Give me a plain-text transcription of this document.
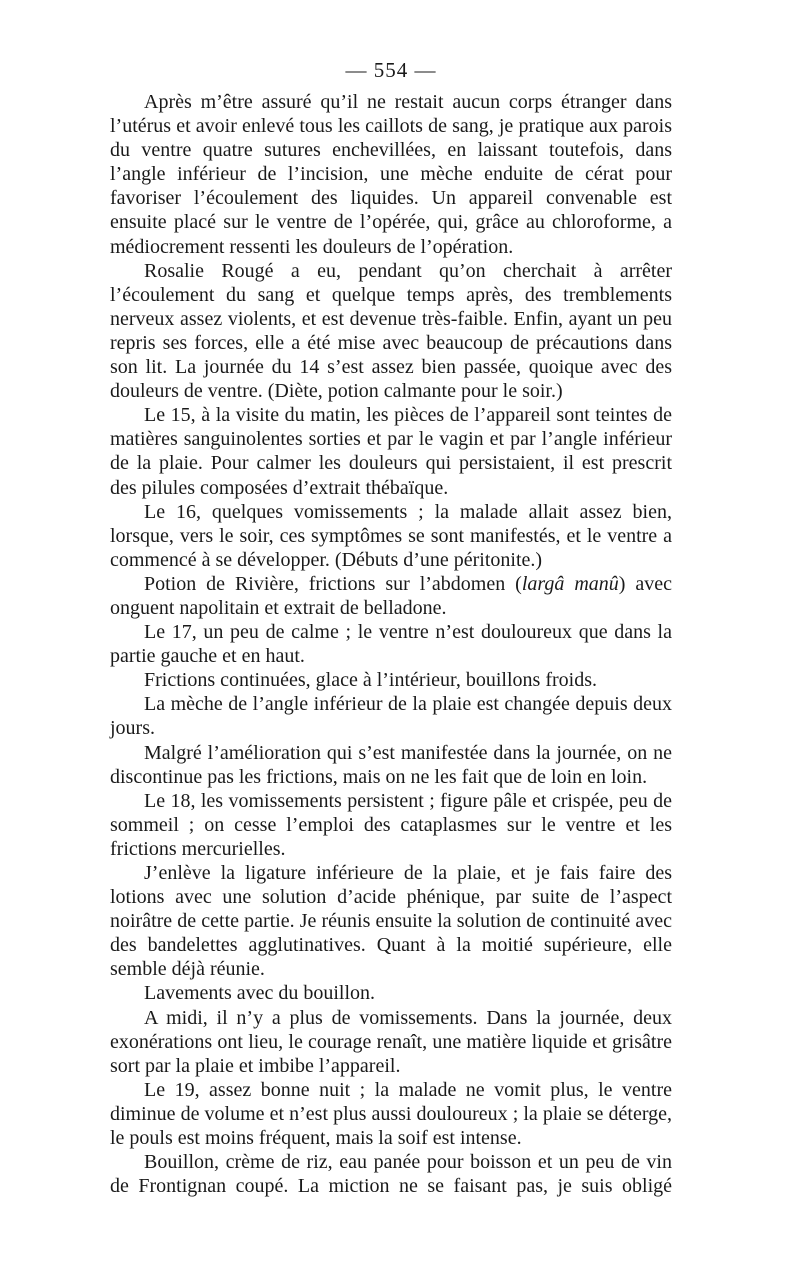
— 554 —

Après m’être assuré qu’il ne restait aucun corps étranger dans l’utérus et avoir enlevé tous les caillots de sang, je pratique aux parois du ventre quatre sutures enchevillées, en laissant toutefois, dans l’angle inférieur de l’incision, une mèche enduite de cérat pour favoriser l’écoulement des liquides. Un appareil convenable est ensuite placé sur le ventre de l’opérée, qui, grâce au chloroforme, a médiocrement ressenti les douleurs de l’opération.

Rosalie Rougé a eu, pendant qu’on cherchait à arrêter l’écoulement du sang et quelque temps après, des tremblements nerveux assez violents, et est devenue très-faible. Enfin, ayant un peu repris ses forces, elle a été mise avec beaucoup de précautions dans son lit. La journée du 14 s’est assez bien passée, quoique avec des douleurs de ventre. (Diète, potion calmante pour le soir.)

Le 15, à la visite du matin, les pièces de l’appareil sont teintes de matières sanguinolentes sorties et par le vagin et par l’angle inférieur de la plaie. Pour calmer les douleurs qui persistaient, il est prescrit des pilules composées d’extrait thébaïque.

Le 16, quelques vomissements ; la malade allait assez bien, lorsque, vers le soir, ces symptômes se sont manifestés, et le ventre a commencé à se développer. (Débuts d’une péritonite.)

Potion de Rivière, frictions sur l’abdomen (largâ manû) avec onguent napolitain et extrait de belladone.

Le 17, un peu de calme ; le ventre n’est douloureux que dans la partie gauche et en haut.

Frictions continuées, glace à l’intérieur, bouillons froids.

La mèche de l’angle inférieur de la plaie est changée depuis deux jours.

Malgré l’amélioration qui s’est manifestée dans la journée, on ne discontinue pas les frictions, mais on ne les fait que de loin en loin.

Le 18, les vomissements persistent ; figure pâle et crispée, peu de sommeil ; on cesse l’emploi des cataplasmes sur le ventre et les frictions mercurielles.

J’enlève la ligature inférieure de la plaie, et je fais faire des lotions avec une solution d’acide phénique, par suite de l’aspect noirâtre de cette partie. Je réunis ensuite la solution de continuité avec des bandelettes agglutinatives. Quant à la moitié supérieure, elle semble déjà réunie.

Lavements avec du bouillon.

A midi, il n’y a plus de vomissements. Dans la journée, deux exonérations ont lieu, le courage renaît, une matière liquide et grisâtre sort par la plaie et imbibe l’appareil.

Le 19, assez bonne nuit ; la malade ne vomit plus, le ventre diminue de volume et n’est plus aussi douloureux ; la plaie se déterge, le pouls est moins fréquent, mais la soif est intense.

Bouillon, crème de riz, eau panée pour boisson et un peu de vin de Frontignan coupé. La miction ne se faisant pas, je suis obligé
